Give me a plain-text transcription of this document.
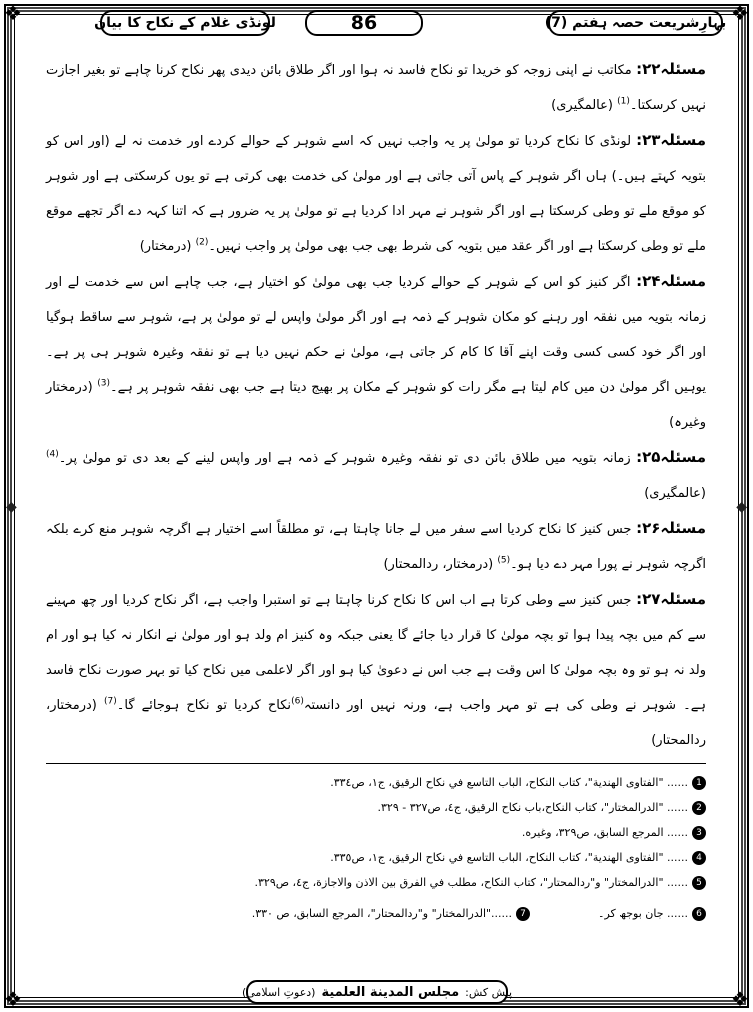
❖	❖
❖	❖
◆	◆
بہارِشریعت حصہ ہفتم (7)
86
لونڈی غلام کے نکاح کا بیان

مسئلہ۲۲: مکاتب نے اپنی زوجہ کو خریدا تو نکاح فاسد نہ ہوا اور اگر طلاق بائن دیدی پھر نکاح کرنا چاہے تو بغیر اجازت نہیں کرسکتا۔$^{(1)}$ (عالمگیری)

مسئلہ۲۳: لونڈی کا نکاح کردیا تو مولیٰ پر یہ واجب نہیں کہ اسے شوہر کے حوالے کردے اور خدمت نہ لے (اور اس کو بتویہ کہتے ہیں۔) ہاں اگر شوہر کے پاس آتی جاتی ہے اور مولیٰ کی خدمت بھی کرتی ہے تو یوں کرسکتی ہے اور شوہر کو موقع ملے تو وطی کرسکتا ہے اور اگر شوہر نے مہر ادا کردیا ہے تو مولیٰ پر یہ ضرور ہے کہ اتنا کہہ دے اگر تجھے موقع ملے تو وطی کرسکتا ہے اور اگر عقد میں بتویہ کی شرط بھی جب بھی مولیٰ پر واجب نہیں۔$^{(2)}$ (درمختار)

مسئلہ۲۴: اگر کنیز کو اس کے شوہر کے حوالے کردیا جب بھی مولیٰ کو اختیار ہے، جب چاہے اس سے خدمت لے اور زمانہ بتویہ میں نفقہ اور رہنے کو مکان شوہر کے ذمہ ہے اور اگر مولیٰ واپس لے تو مولیٰ پر ہے، شوہر سے ساقط ہوگیا اور اگر خود کسی کسی وقت اپنے آقا کا کام کر جاتی ہے، مولیٰ نے حکم نہیں دیا ہے تو نفقہ وغیرہ شوہر ہی پر ہے۔ یوہیں اگر مولیٰ دن میں کام لیتا ہے مگر رات کو شوہر کے مکان پر بھیج دیتا ہے جب بھی نفقہ شوہر پر ہے۔$^{(3)}$ (درمختار وغیرہ)

مسئلہ۲۵: زمانہ بتویہ میں طلاق بائن دی تو نفقہ وغیرہ شوہر کے ذمہ ہے اور واپس لینے کے بعد دی تو مولیٰ پر۔$^{(4)}$ (عالمگیری)

مسئلہ۲۶: جس کنیز کا نکاح کردیا اسے سفر میں لے جانا چاہتا ہے، تو مطلقاً اسے اختیار ہے اگرچہ شوہر منع کرے بلکہ اگرچہ شوہر نے پورا مہر دے دیا ہو۔$^{(5)}$ (درمختار، ردالمحتار)

مسئلہ۲۷: جس کنیز سے وطی کرتا ہے اب اس کا نکاح کرنا چاہتا ہے تو استبرا واجب ہے، اگر نکاح کردیا اور چھ مہینے سے کم میں بچہ پیدا ہوا تو بچہ مولیٰ کا قرار دیا جائے گا یعنی جبکہ وہ کنیز ام ولد ہو اور مولیٰ نے انکار نہ کیا ہو اور ام ولد نہ ہو تو وہ بچہ مولیٰ کا اس وقت ہے جب اس نے دعویٰ کیا ہو اور اگر لاعلمی میں نکاح کیا تو بہر صورت نکاح فاسد ہے۔ شوہر نے وطی کی ہے تو مہر واجب ہے، ورنہ نہیں اور دانستہ$^{(6)}$نکاح کردیا تو نکاح ہوجائے گا۔$^{(7)}$ (درمختار، ردالمحتار)

1
...... "الفتاوى الهندية"، كتاب النكاح، الباب التاسع في نكاح الرقيق، ج١، ص٣٣٤.
2
...... "الدرالمختار"، كتاب النكاح،باب نكاح الرقيق، ج٤، ص٣٢٧ - ٣٢٩.
3
...... المرجع السابق، ص٣٢٩، وغيره.
4
...... "الفتاوى الهندية"، كتاب النكاح، الباب التاسع في نكاح الرقيق، ج١، ص٣٣٥.
5
...... "الدرالمختار" و"ردالمحتار"، كتاب النكاح، مطلب في الفرق بين الاذن والاجازة، ج٤، ص٣٢٩.
6
...... جان بوجھ کر۔
7
......"الدرالمختار" و"ردالمحتار"، المرجع السابق، ص ٣٣٠.
پیش کش:
مجلس المدينة العلمية
(دعوتِ اسلامی)
